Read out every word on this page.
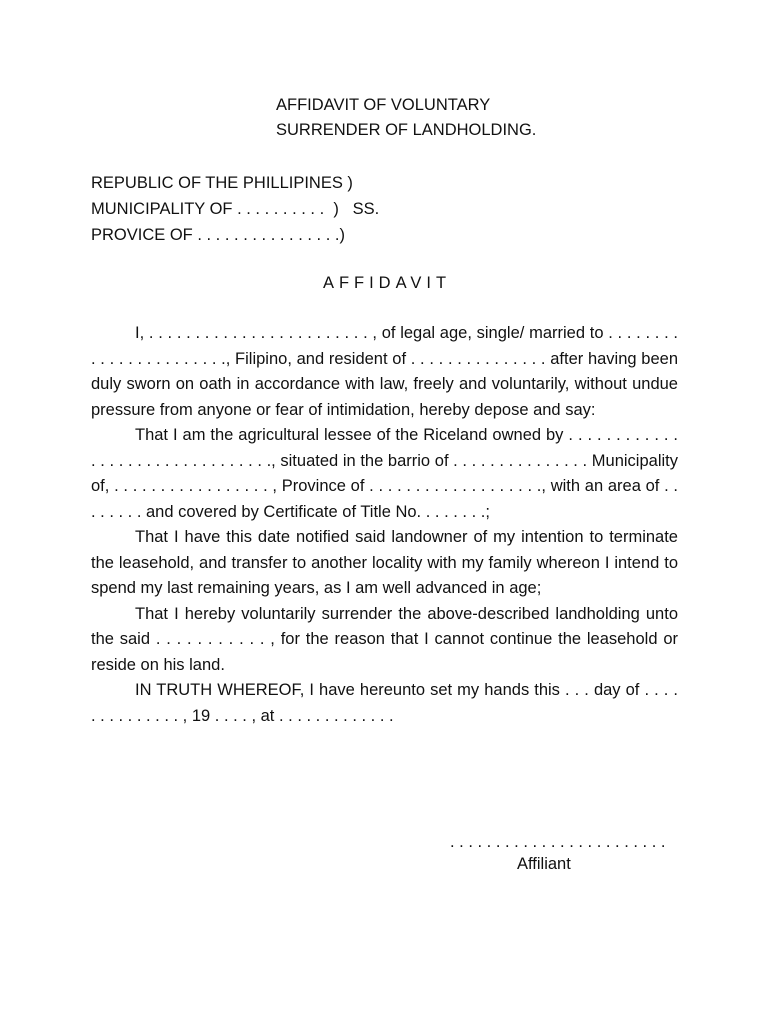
AFFIDAVIT OF VOLUNTARY
SURRENDER OF LANDHOLDING.
REPUBLIC OF THE PHILLIPINES )
MUNICIPALITY OF . . . . . . . . . .  )   SS.
PROVICE OF . . . . . . . . . . . . . . . .)
AFFIDAVIT

I, . . . . . . . . . . . . . . . . . . . . . . . . , of legal age, single/ married to . . . . . . . . . . . . . . . . . . . . . . ., Filipino, and resident of . . . . . . . . . . . . . . . after having been duly sworn on oath in accordance with law, freely and voluntarily, without undue pressure from anyone or fear of intimidation, hereby depose and say:

That I am the agricultural lessee of the Riceland owned by . . . . . . . . . . . . . . . . . . . . . . . . . . . . . . . ., situated in the barrio of . . . . . . . . . . . . . . . Municipality of, . . . . . . . . . . . . . . . . . , Province of . . . . . . . . . . . . . . . . . . ., with an area of . . . . . . . . and covered by Certificate of Title No. . . . . . . .;

That I have this date notified said landowner of my intention to terminate the leasehold, and transfer to another locality with my family whereon I intend to spend my last remaining years, as I am well advanced in age;

That I hereby voluntarily surrender the above-described landholding unto the said . . . . . . . . . . . , for the reason that I cannot continue the leasehold or reside on his land.

IN TRUTH WHEREOF, I have hereunto set my hands this . . . day of . . . . . . . . . . . . . . , 19 . . . . , at . . . . . . . . . . . . .

. . . . . . . . . . . . . . . . . . . . . . . .
Affiliant
